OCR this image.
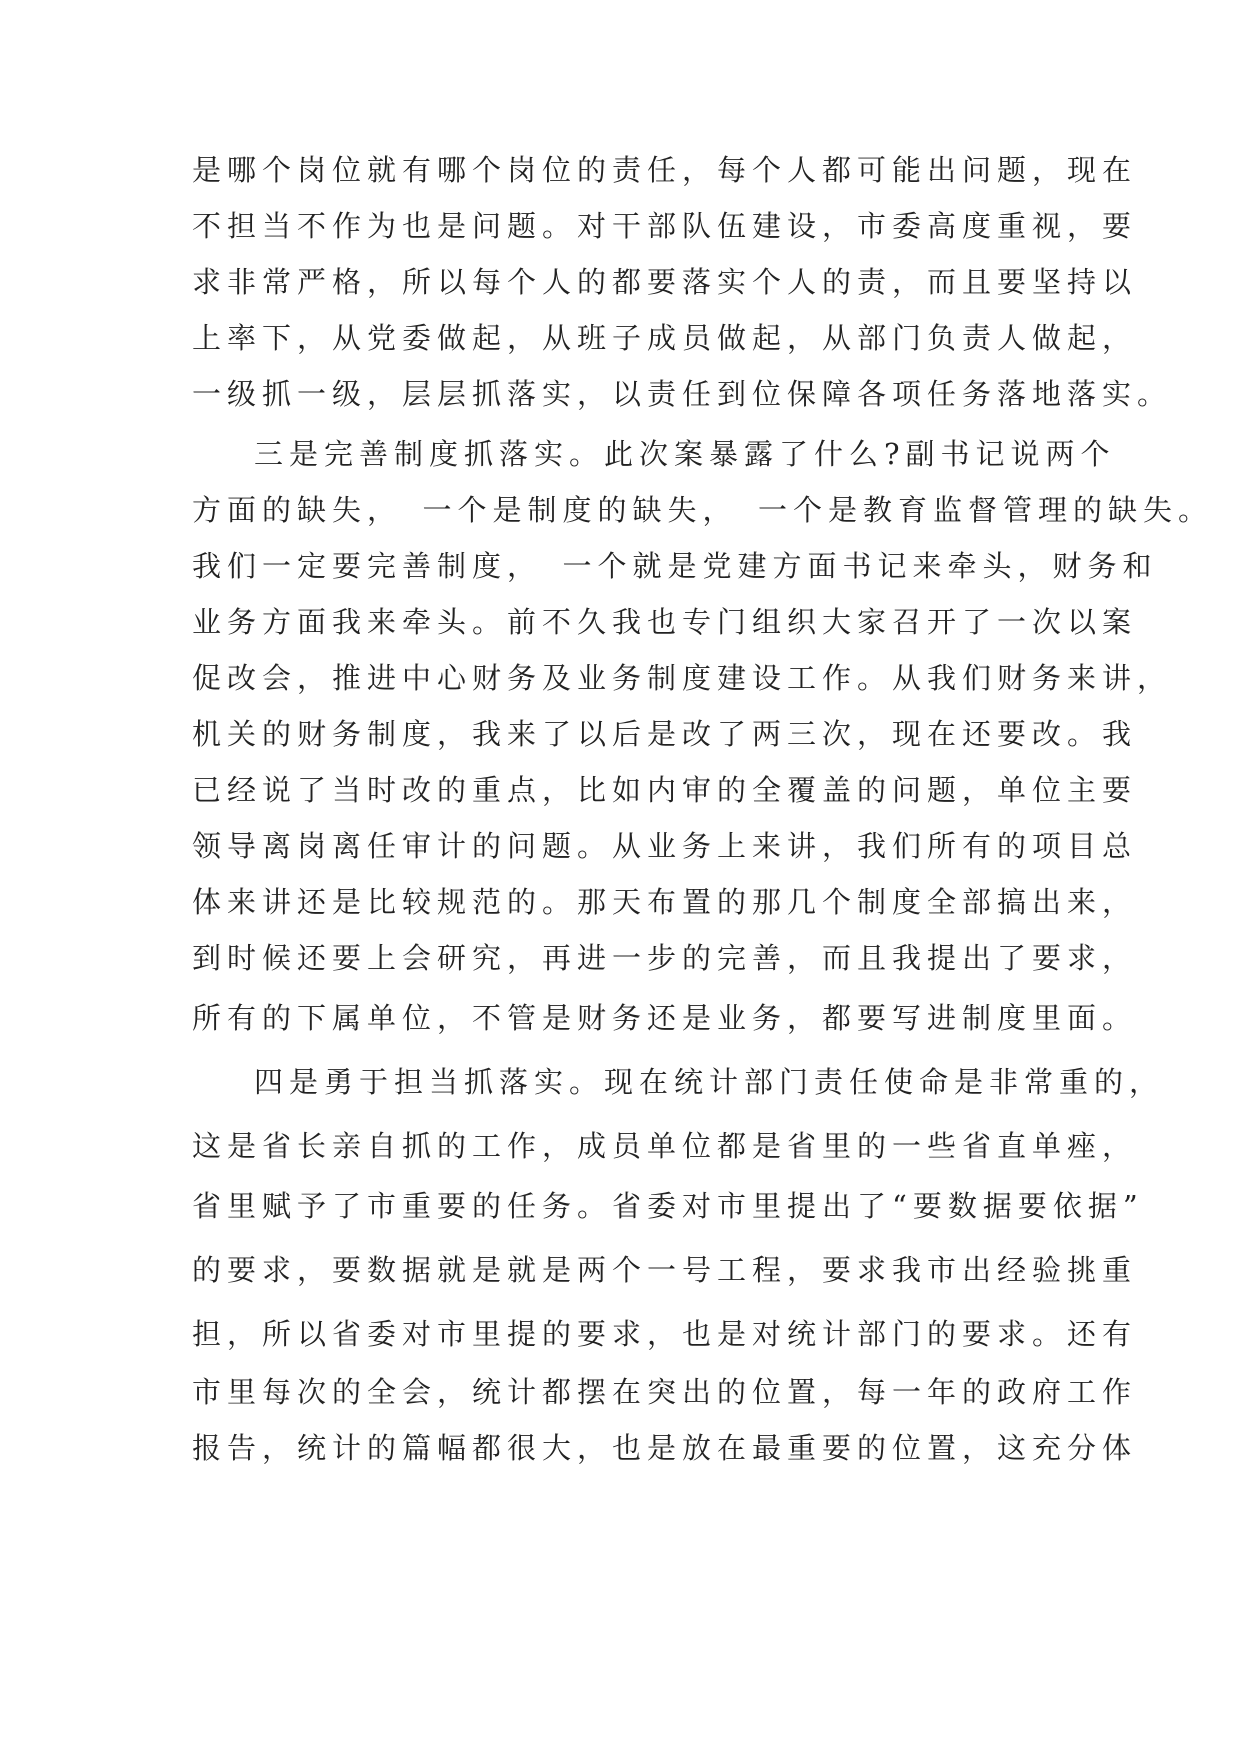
是哪个岗位就有哪个岗位的责任，每个人都可能出问题，现在
不担当不作为也是问题。对干部队伍建设，市委高度重视，要
求非常严格，所以每个人的都要落实个人的责，而且要坚持以
上率下，从党委做起，从班子成员做起，从部门负责人做起，
一级抓一级，层层抓落实，以责任到位保障各项任务落地落实。
三是完善制度抓落实。此次案暴露了什么?副书记说两个
方面的缺失，　一个是制度的缺失，　一个是教育监督管理的缺失。
我们一定要完善制度，　一个就是党建方面书记来牵头，财务和
业务方面我来牵头。前不久我也专门组织大家召开了一次以案
促改会，推进中心财务及业务制度建设工作。从我们财务来讲，
机关的财务制度，我来了以后是改了两三次，现在还要改。我
已经说了当时改的重点，比如内审的全覆盖的问题，单位主要
领导离岗离任审计的问题。从业务上来讲，我们所有的项目总
体来讲还是比较规范的。那天布置的那几个制度全部搞出来，
到时候还要上会研究，再进一步的完善，而且我提出了要求，
所有的下属单位，不管是财务还是业务，都要写进制度里面。
四是勇于担当抓落实。现在统计部门责任使命是非常重的，
这是省长亲自抓的工作，成员单位都是省里的一些省直单痤，
省里赋予了市重要的任务。省委对市里提出了“要数据要依据”
的要求，要数据就是就是两个一号工程，要求我市出经验挑重
担，所以省委对市里提的要求，也是对统计部门的要求。还有
市里每次的全会，统计都摆在突出的位置，每一年的政府工作
报告，统计的篇幅都很大，也是放在最重要的位置，这充分体
